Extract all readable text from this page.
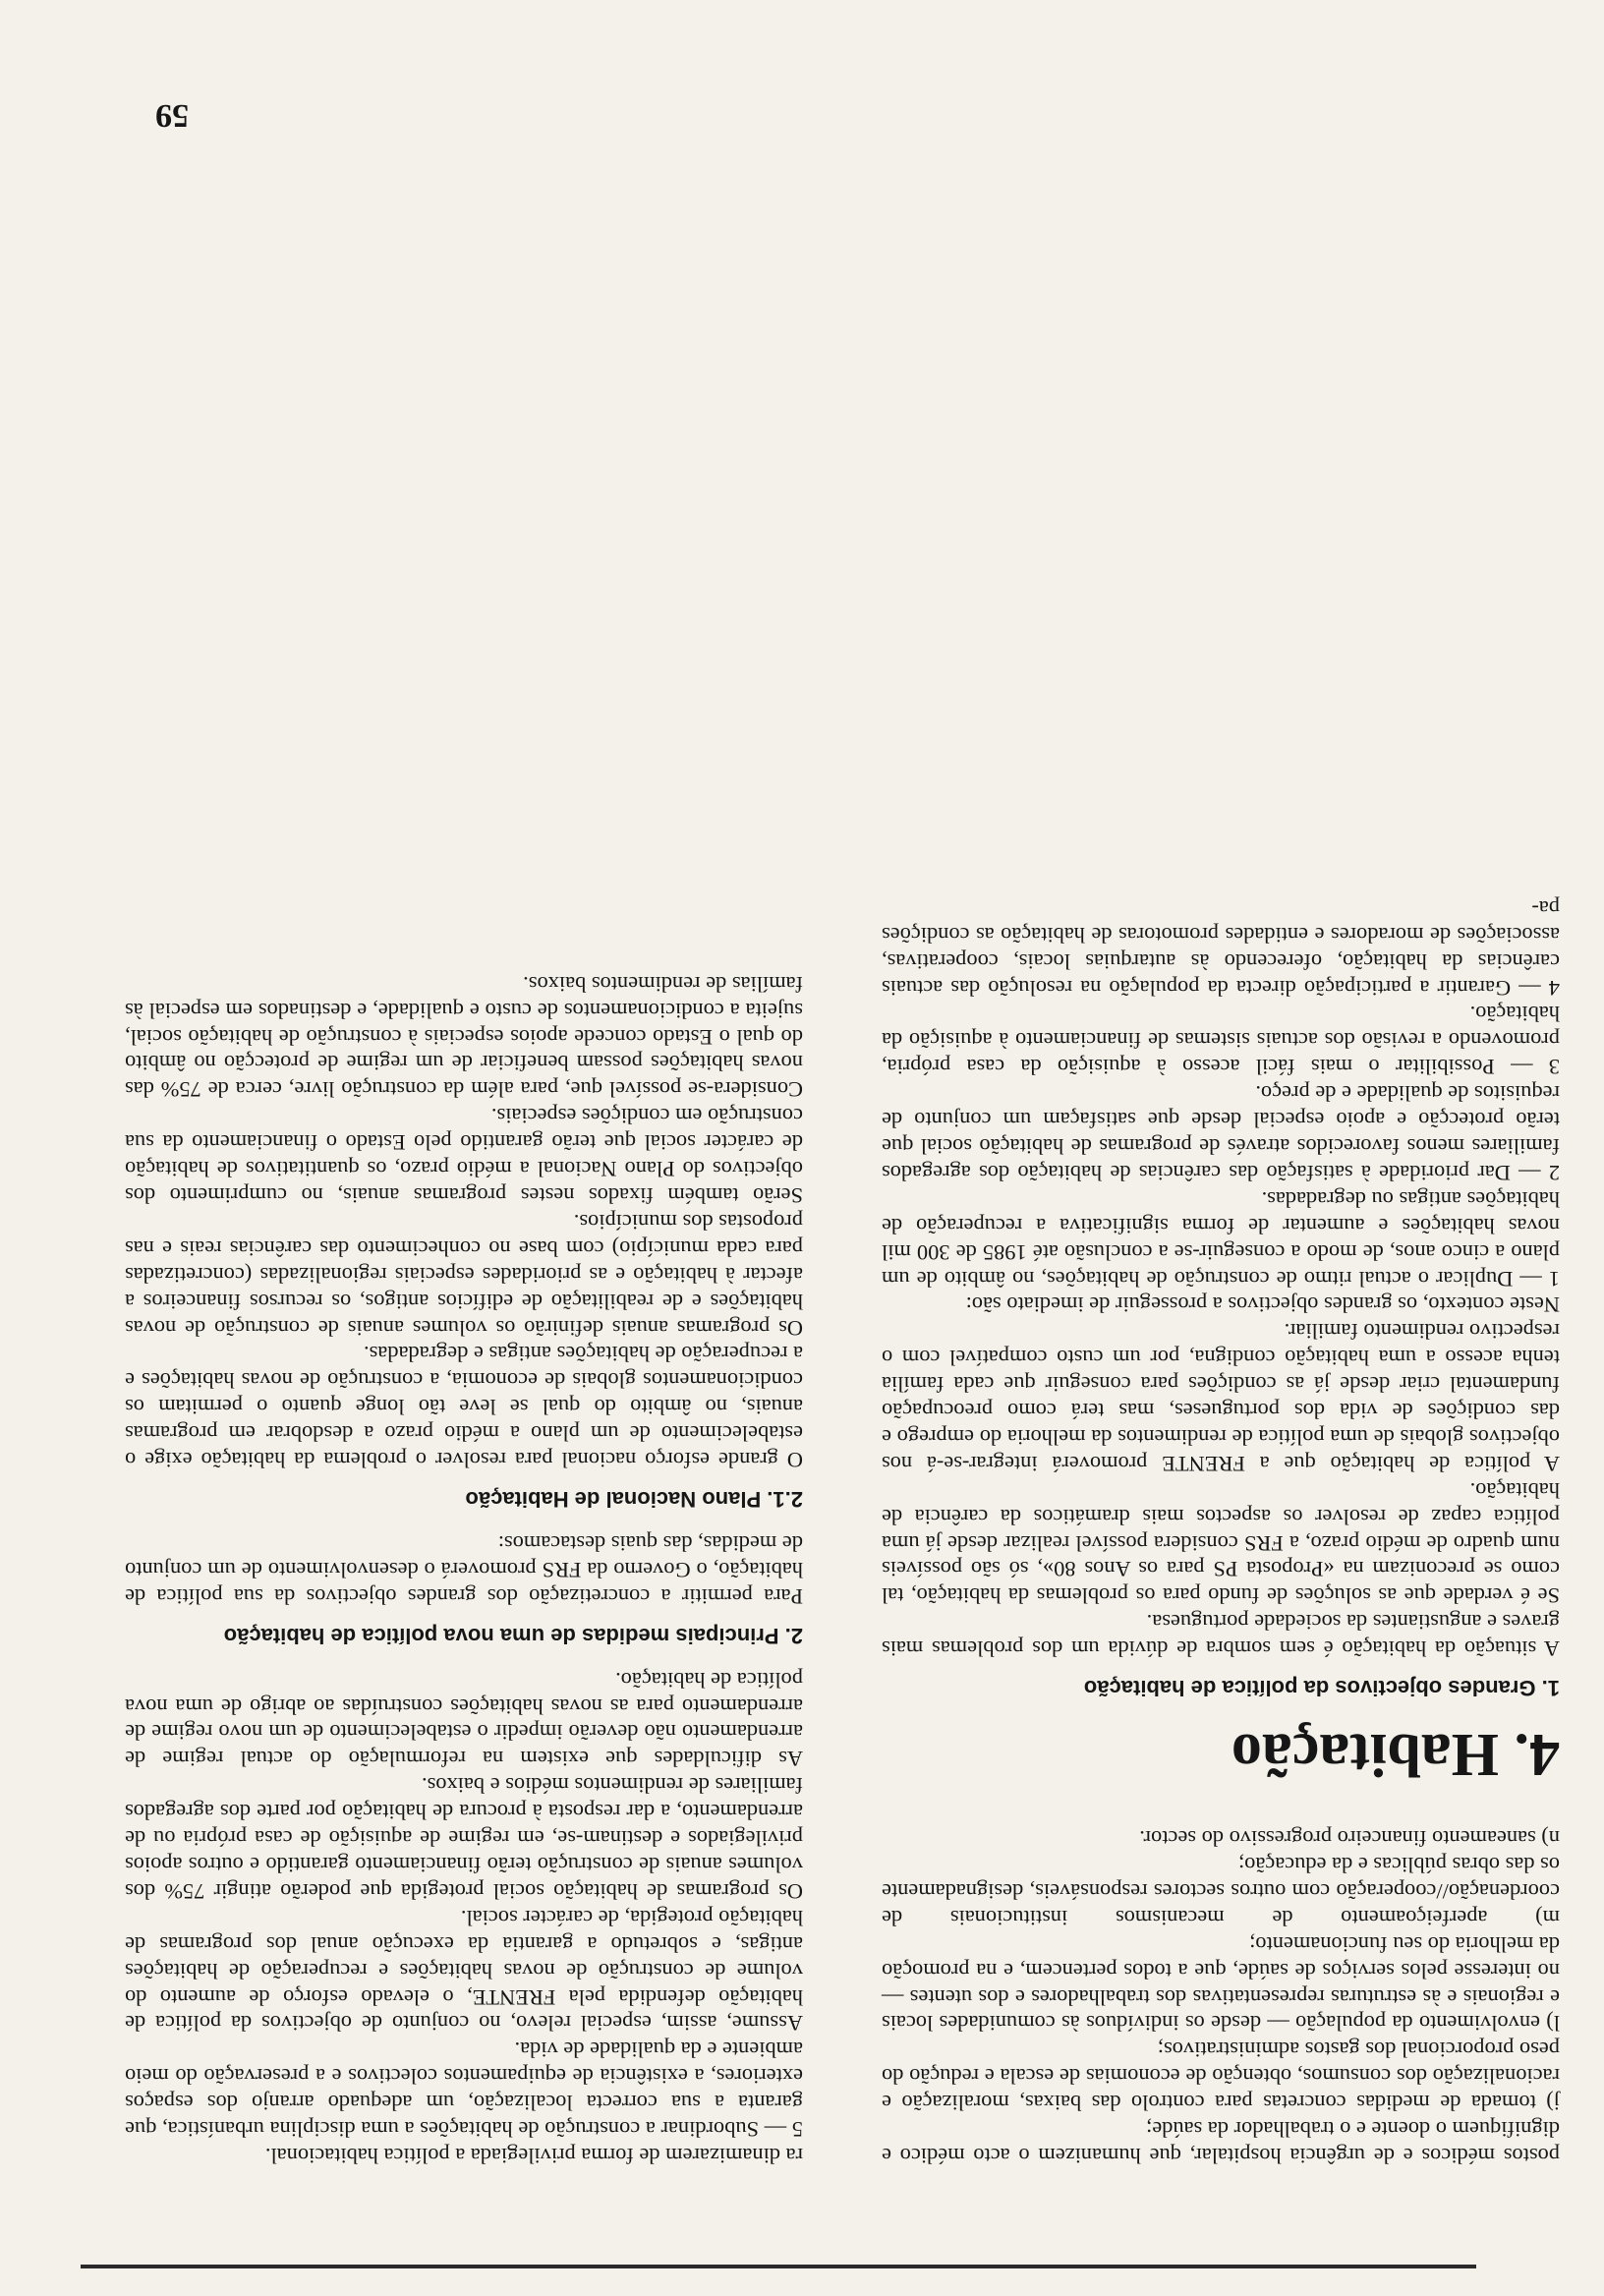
postos médicos e de urgência hospitalar, que humanizem o acto médico e dignifiquem o doente e o trabalhador da saúde;

j) tomada de medidas concretas para controlo das baixas, moralização e racionalização dos consumos, obtenção de economias de escala e redução do peso proporcional dos gastos administrativos;

l) envolvimento da população — desde os indivíduos às comunidades locais e regionais e às estruturas representativas dos trabalhadores e dos utentes — no interesse pelos serviços de saúde, que a todos pertencem, e na promoção da melhoria do seu funcionamento;

m) aperfeiçoamento de mecanismos institucionais de coordenação//cooperação com outros sectores responsáveis, designadamente os das obras públicas e da educação;

n) saneamento financeiro progressivo do sector.

4. Habitação
1. Grandes objectivos da política de habitação

A situação da habitação é sem sombra de dúvida um dos problemas mais graves e angustiantes da sociedade portuguesa.

Se é verdade que as soluções de fundo para os problemas da habitação, tal como se preconizam na «Proposta PS para os Anos 80», só são possíveis num quadro de médio prazo, a FRS considera possível realizar desde já uma política capaz de resolver os aspectos mais dramáticos da carência de habitação.

A política de habitação que a FRENTE promoverá integrar-se-á nos objectivos globais de uma política de rendimentos da melhoria do emprego e das condições de vida dos portugueses, mas terá como preocupação fundamental criar desde já as condições para conseguir que cada família tenha acesso a uma habitação condigna, por um custo compatível com o respectivo rendimento familiar.

Neste contexto, os grandes objectivos a prosseguir de imediato são:

1 — Duplicar o actual ritmo de construção de habitações, no âmbito de um plano a cinco anos, de modo a conseguir-se a conclusão até 1985 de 300 mil novas habitações e aumentar de forma significativa a recuperação de habitações antigas ou degradadas.

2 — Dar prioridade à satisfação das carências de habitação dos agregados familiares menos favorecidos através de programas de habitação social que terão protecção e apoio especial desde que satisfaçam um conjunto de requisitos de qualidade e de preço.

3 — Possibilitar o mais fácil acesso à aquisição da casa própria, promovendo a revisão dos actuais sistemas de financiamento à aquisição da habitação.

4 — Garantir a participação directa da população na resolução das actuais carências da habitação, oferecendo às autarquias locais, cooperativas, associações de moradores e entidades promotoras de habitação as condições pa-

ra dinamizarem de forma privilegiada a política habitacional.

5 — Subordinar a construção de habitações a uma disciplina urbanística, que garanta a sua correcta localização, um adequado arranjo dos espaços exteriores, a existência de equipamentos colectivos e a preservação do meio ambiente e da qualidade de vida.

Assume, assim, especial relevo, no conjunto de objectivos da política de habitação defendida pela FRENTE, o elevado esforço de aumento do volume de construção de novas habitações e recuperação de habitações antigas, e sobretudo a garantia da execução anual dos programas de habitação protegida, de carácter social.

Os programas de habitação social protegida que poderão atingir 75% dos volumes anuais de construção terão financiamento garantido e outros apoios privilegiados e destinam-se, em regime de aquisição de casa própria ou de arrendamento, a dar resposta à procura de habitação por parte dos agregados familiares de rendimentos médios e baixos.

As dificuldades que existem na reformulação do actual regime de arrendamento não deverão impedir o estabelecimento de um novo regime de arrendamento para as novas habitações construídas ao abrigo de uma nova política de habitação.

2. Principais medidas de uma nova política de habitação

Para permitir a concretização dos grandes objectivos da sua política de habitação, o Governo da FRS promoverá o desenvolvimento de um conjunto de medidas, das quais destacamos:

2.1. Plano Nacional de Habitação

O grande esforço nacional para resolver o problema da habitação exige o estabelecimento de um plano a médio prazo a desdobrar em programas anuais, no âmbito do qual se leve tão longe quanto o permitam os condicionamentos globais de economia, a construção de novas habitações e a recuperação de habitações antigas e degradadas.

Os programas anuais definirão os volumes anuais de construção de novas habitações e de reabilitação de edifícios antigos, os recursos financeiros a afectar à habitação e as prioridades especiais regionalizadas (concretizadas para cada município) com base no conhecimento das carências reais e nas propostas dos municípios.

Serão também fixados nestes programas anuais, no cumprimento dos objectivos do Plano Nacional a médio prazo, os quantitativos de habitação de carácter social que terão garantido pelo Estado o financiamento da sua construção em condições especiais.

Considera-se possível que, para além da construção livre, cerca de 75% das novas habitações possam beneficiar de um regime de protecção no âmbito do qual o Estado concede apoios especiais à construção de habitação social, sujeita a condicionamentos de custo e qualidade, e destinados em especial às famílias de rendimentos baixos.

59
